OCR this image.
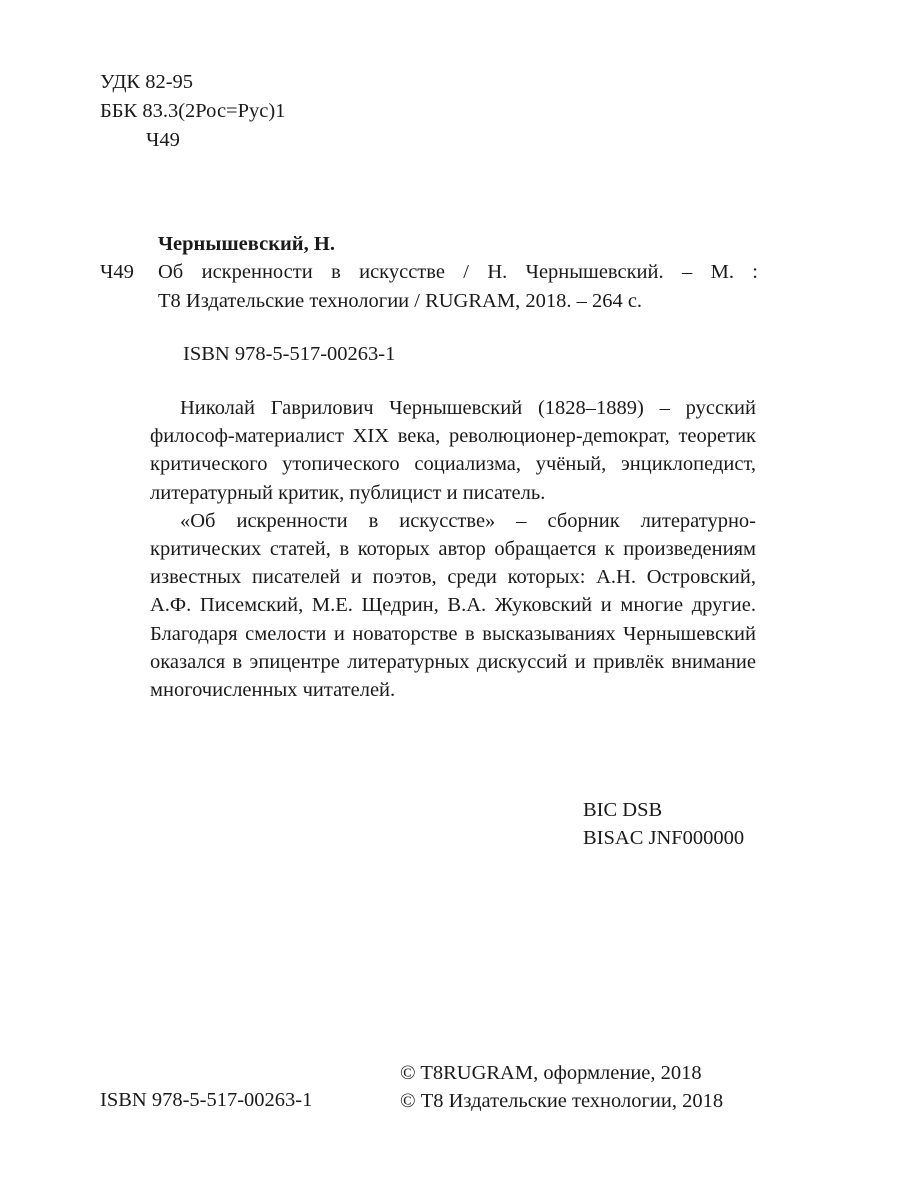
УДК 82-95
ББК 83.3(2Рос=Рус)1
Ч49
Чернышевский, Н.
Ч49 Об искренности в искусстве / Н. Чернышевский. – М. :
Т8 Издательские технологии / RUGRAM, 2018. – 264 с.
ISBN 978-5-517-00263-1

Николай Гаврилович Чернышевский (1828–1889) – русский философ-материалист XIX века, революционер-деmократ, теоретик критического утопического социализма, учёный, энциклопедист, литературный критик, публицист и писатель.

«Об искренности в искусстве» – сборник литературно-критических статей, в которых автор обращается к произведениям известных писателей и поэтов, среди которых: А.Н. Островский, А.Ф. Писемский, М.Е. Щедрин, В.А. Жуковский и многие другие. Благодаря смелости и новаторстве в высказываниях Чернышевский оказался в эпицентре литературных дискуссий и привлёк внимание многочисленных читателей.

BIC DSB
BISAC JNF000000
ISBN 978-5-517-00263-1
© T8RUGRAM, оформление, 2018
© Т8 Издательские технологии, 2018
